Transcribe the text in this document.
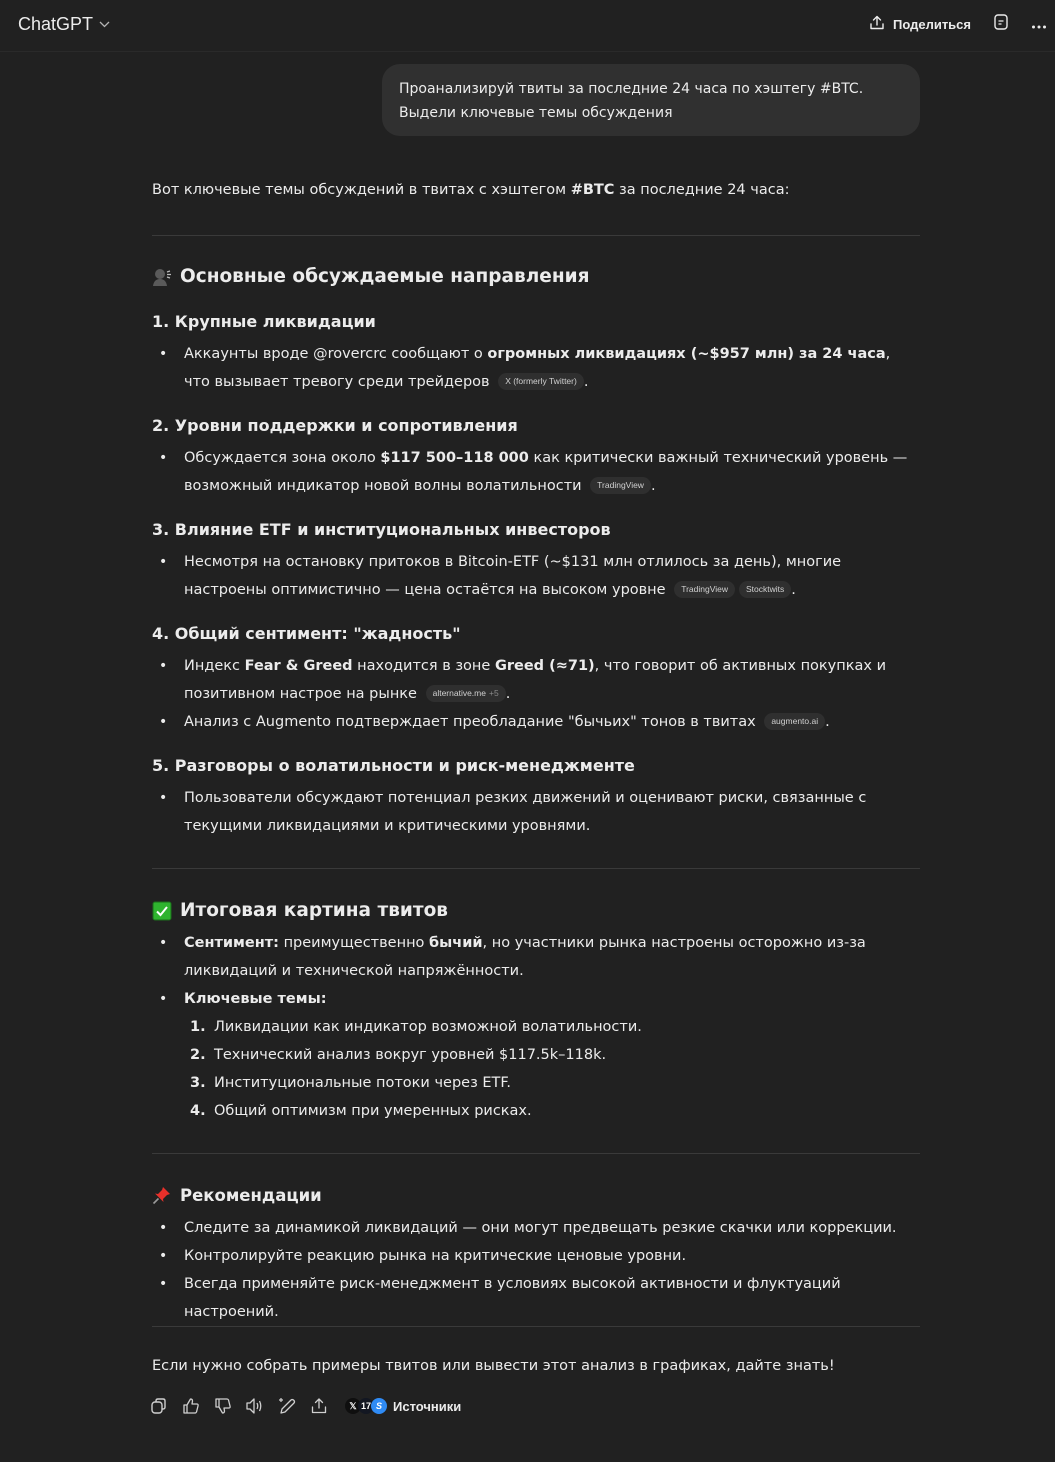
ChatGPT	Поделиться
Проанализируй твиты за последние 24 часа по хэштегу #BTC.
Выдели ключевые темы обсуждения
Вот ключевые темы обсуждений в твитах с хэштегом #BTC за последние 24 часа:
Основные обсуждаемые направления
1. Крупные ликвидации
• Аккаунты вроде @rovercrc сообщают о огромных ликвидациях (~$957 млн) за 24 часа, что вызывает тревогу среди трейдеров X (formerly Twitter) .
2. Уровни поддержки и сопротивления
• Обсуждается зона около $117 500–118 000 как критически важный технический уровень — возможный индикатор новой волны волатильности TradingView .
3. Влияние ETF и институциональных инвесторов
• Несмотря на остановку притоков в Bitcoin-ETF (~$131 млн отлилось за день), многие настроены оптимистично — цена остаётся на высоком уровне TradingView Stocktwits .
4. Общий сентимент: "жадность"
• Индекс Fear & Greed находится в зоне Greed (≈71), что говорит об активных покупках и позитивном настрое на рынке alternative.me +5 .
• Анализ с Augmento подтверждает преобладание "бычьих" тонов в твитах augmento.ai .
5. Разговоры о волатильности и риск-менеджменте
• Пользователи обсуждают потенциал резких движений и оценивают риски, связанные с текущими ликвидациями и критическими уровнями.
Итоговая картина твитов
• Сентимент: преимущественно бычий, но участники рынка настроены осторожно из-за ликвидаций и технической напряжённости.
• Ключевые темы:
1. Ликвидации как индикатор возможной волатильности.
2. Технический анализ вокруг уровней $117.5k–118k.
3. Институциональные потоки через ETF.
4. Общий оптимизм при умеренных рисках.
Рекомендации
• Следите за динамикой ликвидаций — они могут предвещать резкие скачки или коррекции.
• Контролируйте реакцию рынка на критические ценовые уровни.
• Всегда применяйте риск-менеджмент в условиях высокой активности и флуктуаций настроений.
Если нужно собрать примеры твитов или вывести этот анализ в графиках, дайте знать!
𝕏 17 S Источники
